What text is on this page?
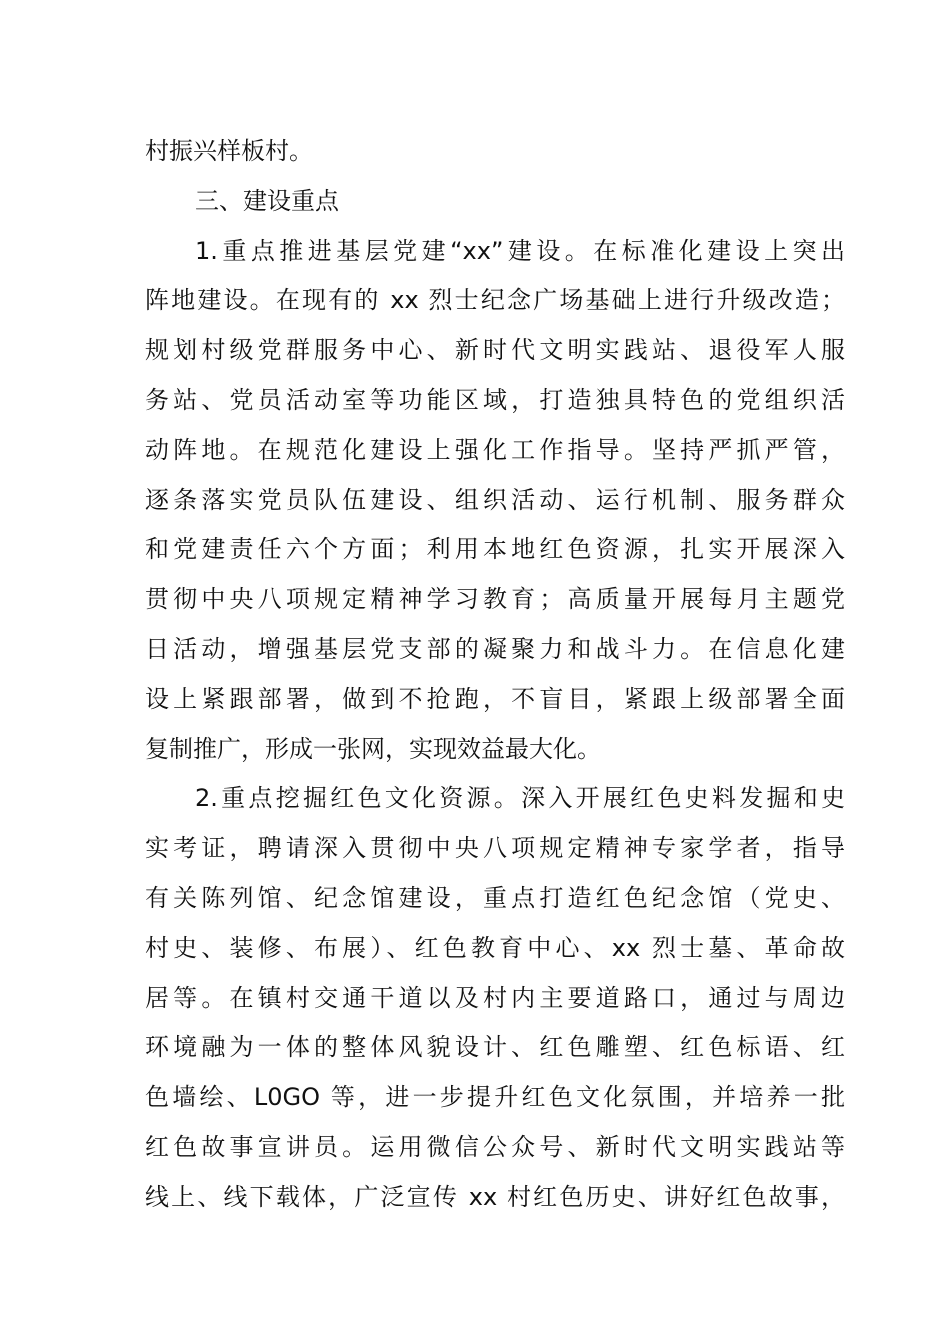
村振兴样板村。
三、建设重点
1.重点推进基层党建“xx”建设。在标准化建设上突出
阵地建设。在现有的 xx 烈士纪念广场基础上进行升级改造；
规划村级党群服务中心、新时代文明实践站、退役军人服
务站、党员活动室等功能区域，打造独具特色的党组织活
动阵地。在规范化建设上强化工作指导。坚持严抓严管，
逐条落实党员队伍建设、组织活动、运行机制、服务群众
和党建责任六个方面；利用本地红色资源，扎实开展深入
贯彻中央八项规定精神学习教育；高质量开展每月主题党
日活动，增强基层党支部的凝聚力和战斗力。在信息化建
设上紧跟部署，做到不抢跑，不盲目，紧跟上级部署全面
复制推广，形成一张网，实现效益最大化。
2.重点挖掘红色文化资源。深入开展红色史料发掘和史
实考证，聘请深入贯彻中央八项规定精神专家学者，指导
有关陈列馆、纪念馆建设，重点打造红色纪念馆（党史、
村史、装修、布展）、红色教育中心、xx 烈士墓、革命故
居等。在镇村交通干道以及村内主要道路口，通过与周边
环境融为一体的整体风貌设计、红色雕塑、红色标语、红
色墙绘、L0GO 等，进一步提升红色文化氛围，并培养一批
红色故事宣讲员。运用微信公众号、新时代文明实践站等
线上、线下载体，广泛宣传 xx 村红色历史、讲好红色故事，
